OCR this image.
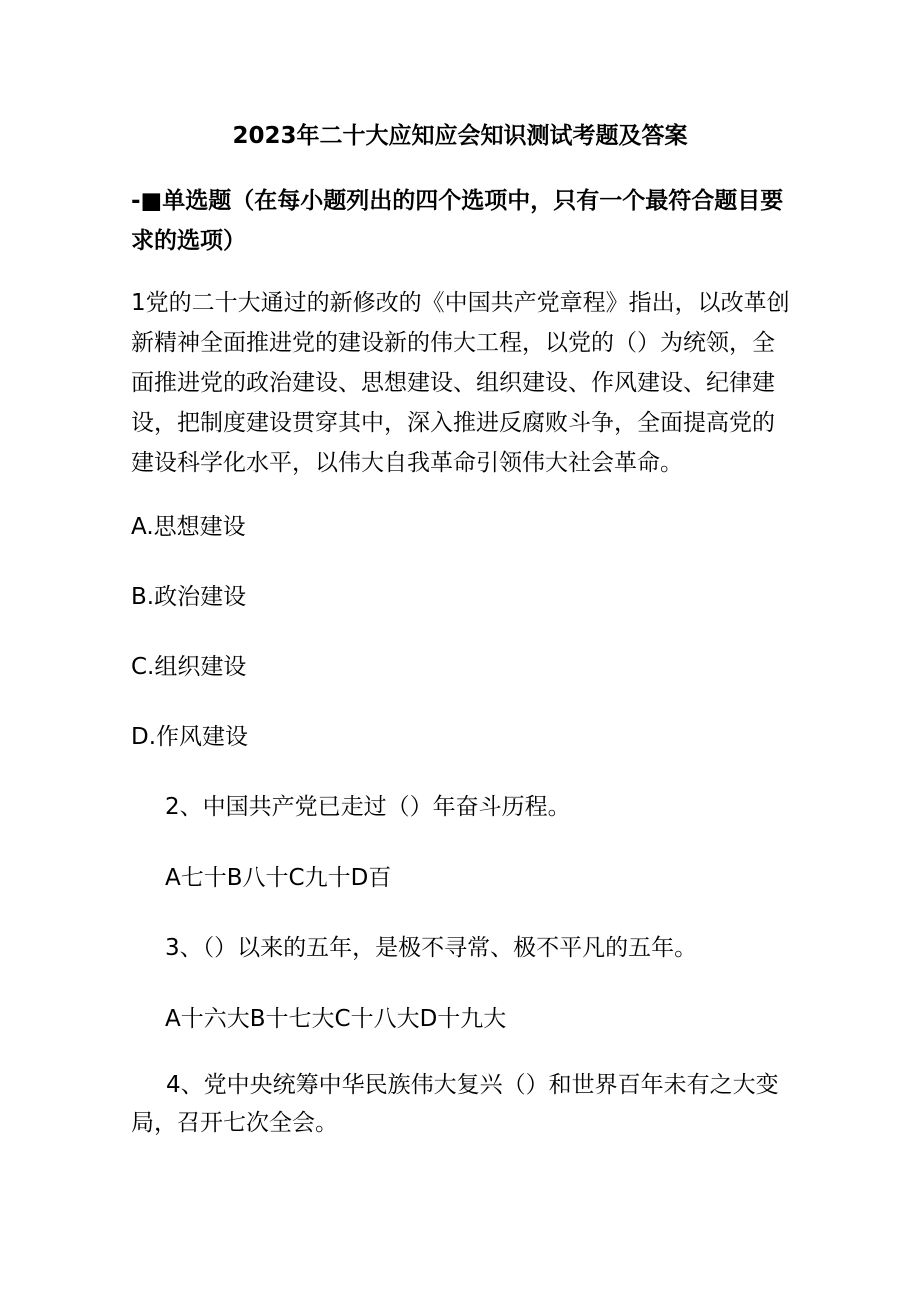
2023年二十大应知应会知识测试考题及答案

-■单选题（在每小题列出的四个选项中，只有一个最符合题目要求的选项）

1党的二十大通过的新修改的《中国共产党章程》指出，以改革创新精神全面推进党的建设新的伟大工程，以党的（）为统领，全面推进党的政治建设、思想建设、组织建设、作风建设、纪律建设，把制度建设贯穿其中，深入推进反腐败斗争，全面提高党的建设科学化水平，以伟大自我革命引领伟大社会革命。

A.思想建设
B.政治建设
C.组织建设
D.作风建设
2、中国共产党已走过（）年奋斗历程。
A七十B八十C九十D百
3、（）以来的五年，是极不寻常、极不平凡的五年。
A十六大B十七大C十八大D十九大

4、党中央统筹中华民族伟大复兴（）和世界百年未有之大变局，召开七次全会。
